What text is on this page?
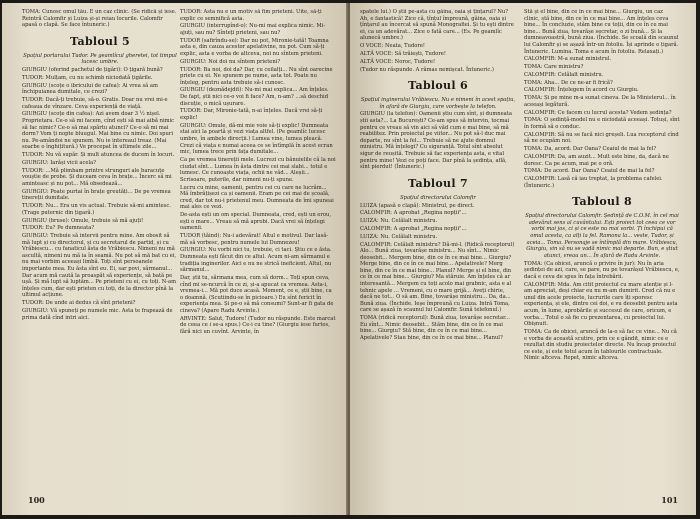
TOMA: Cunosc omul tău. E un caz clinic. (Se ridică și iese. Reintră Calomfir și Luiza și-și reiau locurile. Calomfir apasă o clapă. Se face întuneric.)

Tabloul 5

Spațiul portarului Tudor. Pe geamlîcul gheretei, tot timpul lucesc umbre.

GIURGIU (oferind pachetul de țigări): O țigară bună?

TUDOR: Mulțam, cu nu schimb niciodată țigările.

GIURGIU (scoțe o ibricului de cafea): Ai vrea să am închipuianea dumitale, ce crezi?

TUDOR: Dacă-ți trebuie, să-o. Gratis. Doar nu vrei mi-e cafeaua de vînzare. Ceva experiență de viață.

GIURGIU (scoțe din cafea): Azi avem doar 3 ½ nișel. Proprietara. Ce-o să mi facem, cînd ești să mai aibă nimic să fac nimic? Ce-o să mai spărtu atunci? Ce-o să mi mai dorm? Vom ți nopte bluugul. Mai bine cu nimic. Doi spuri nu. Pe-amândoi ne spunem. Nu ie intereaul treaz. (Mai soarbe o înghițitură.) Ve procepat în ultimele zile...

TUDOR: Nu vă supăr. Și mult atuncea de ducem în locuri.

GIURGIU: Iarăși vicii acela?

TUDOR: ...Mă plimbam printre strunguri ale baracuțe vouștie de probe. Și duceam ceva în brațe... Încerc să mi aminteasc și nu pot... Mă obsedează...

GIURGIU: Poate purtai în brațe greutăți... De pe vremea tinereții dumitale.

TUDOR: Nu... Era un vis actual. Trebuie să-mi amintesc. (Trage puternic din țigară.)

GIURGIU (bruse): Omule, trebuie să mă ajuți!

TUDOR: Eu? Pe dumneata?

GIURGIU: Trebuie să intervii pentru mine. Am obosit să mă lupt și cu directorul, și cu secretarul de partid, și cu Vrăbiescu... cu fanaticul ăsta de Vrăbiescu. Nimeni nu mă ascultă, nimeni nu mă ia în seamă. Nu pot să mă bat cu ei, nu mai vorbim aceeași limbă. Toți sînt persoanele importante mea. Eu ăsta sînt eu. Ei, sar povi, sărmanul... Dar acum mă caută la proaspăt să experiențe, să bată pe ușă. Și mă lupt să luptăm... Pe prieteni cu ei, cu toți. N-am înțeles cum, dar ești prieten cu toți, de la director pînă la ultimul acțiune.

TUDOR: De unde ai dedus că sînt prieteni?

GIURGIU: Vă spuneți pe numele mic. Asta te frapează de prima dată cînd intri aici.

TUDOR: Asta nu e un motiv să fim prieteni. Uite, să-ți explic ce semnifică asta.

GIURGIU (interrupînd-o): Nu-mi mai explica nimic. Mi-ajuți, sau nu? Sînteți prieteni, sau nu?

TUDOR (safirîndu-se): Dar nu pot, Mironie-tată! Toamna asta e, din cauza acestor apelativine, nu pot. Cum să-ți explic, asta e vorba de altceva, noi nu sîntem prieteni.

GIURGIU: Noi doi nu sîntem prieteni?

TUDOR: Ba noi, doi da? Dar, cu ceilalți... Nu sînt oarecine priete cu ei. Ne spunem pe nume, asta tot. Poate nu înțeleg, pentru asta trebuie să-i cunosc.

GIURGIU (deznădejdit): Nu-mi mai explica... Am înțeles. De fapt, știi nici ce-o voi fi face? Am, n-am? ...să deschid discuție, o mică ușurare.

TUDOR: Dar, Mironie-tată, n-ai înțeles. Dacă vrei să-ți explic!

GIURGIU: Omule, dă-mi mie voie să-ți explic! Dumneata stai aici la poartă și vezi viața altfel. (Pe geamlîc lucesc umbre, în ambele direcții.) Lumea vine, lumea pleacă. Crezi că viața e numai aceea ce se întîmplă în acest ecran mic, lumea trece prin fața dumitale...

Ca pe vremea tinereții mele. Lucrezi cu bănuielile că la noi ciudat sînt... Lumea în ăsta dintre cei mai slabi... totul e lumesc. Ce cunoaște viața, ochii ne văd... Aleșii... Scrisoare, puterile, dar nimeni nu-ți spune.

Lucru cu mine, oamenii, pentru cei cu care ne lucrăm... Mă îmbrățișezi ca și oamenii. Eram pe cei mai de școală, cred, dar tot nu-i prietenul meu. Dumneata de îmi spuneai mai ales ce vezi.

De-asta ești un om special. Dumneata, cred, ești un erou, ești o mare... Vreau să mă aprobi. Dacă vrei să înțelegi oamenii.

TUDOR (tăind): Nu-i adevărat! Altul e motivul. Dar lasă-mă să vorbesc, pentru numele lui Dumnezeu!

GIURGIU: Nu vorbi nici tu, trebuie, ci taci. Știu ce e ăsta. Dumneata ești făcut din ce altul. Acum ni-am sărmanul e tradiția inginerilor. Aici e nu ne strică ineficient. Altul, nu sărmanul...

Dar, știi tu, sărmana mea, cum să dorm... Toți spun ceva, cînd mi se-ncurcă în ce zi, și-a apucat ca vremea. Asta-i, vremea-i... Mă pot duce acasă. Moment, ce e, știi bine, ca o doamnă. (Scutiindu-se în picioare.) Eu sînt fericit în experiența mea. Și pe-o să mă consumi? Sunt-ar fi gata de cineva? (Apare Radu Arvinte.)

ARVINTE: Salut, Tudore! (Tudor nu răspunde. Este marcat de ceea ce i se-a spus.) Ce-i cu tine? (Giurgiu iese furtos, fără nici un cuvînt. Arvinte, în

100

spatele lui.) O știi pe-asta cu găina, oaia și țînțarul? Nu? Ah, e fantastică! Zice că, țînțul împreună, găina, oaia și țînțarul au încercat să spună Monografiei. Și tu eşti dintre ei, ca un adevărat... Zice o fată care... (Es. Pe geamlîc alunecă umbre.)

O VOCE: Neata, Tudore!

ALTĂ VOCE: Să trăiești, Tudore!

ALTĂ VOCE: Noroc, Tudore!

(Tudor nu răspunde. A rămas nemișcat. Întuneric.)

Tabloul 6

Spațiul inginerului Vrăbiescu. Nu e nimeni în acest spațiu, în afară de Giurgiu, care vorbește la telefon.

GIURGIU (la telefon): Oamenii știu cum sînt, și dumneata știi asta?... La București? Ce-am spus să intervin, tocmai pentru ce vreau să vin aici să văd cum e mai bine, să mă reabilitez. Prin proiectul pe viitor... Nu pot să-l duc mai departe, nu sînt la fel... Trebuie să ne ajute domnul ministru. Mă înțelegi? Cu siguranță. Totul sînt absolut sigur de reușită. Trebuie să fac experiența asta, e vital pentru mine! Vezi ce poți face. Dar pînă la ședința, află, sînt pierdut! (Întuneric.)

Tabloul 7

Spațiul directorului Calomfir

LUIZA (apasă o clapă): Ministrul, pe direct.

CALOMFIR: A aprobat „Regina nopții"...

LUIZA: Nu. Celălalt ministru.

CALOMFIR: A aprobat „Regina nopții"...

LUIZA: Nu. Celălalt ministru.

CALOMFIR: Celălalt ministru? Dă-mi-l. (Ridică receptorul) Alo... Bună ziua, tovarășe ministru... Nu sînt... Nimic deosebit... Mergem bine, din ce în ce mai bine... Giurgiu? Merge bine, din ce în ce mai bine... Apelativele? Merg bine, din ce în ce mai bine... Planul? Merge și el bine, din ce în ce mai bine... Giurgiu? Ma stăruie. Am înțeles că ar interesantă... Mergem cu toți acolo mai grabnic, asta e al tehnic apele ... Vremeni, cu o mare grijă... Aveți chirie, dacă ne tot... O să am. Bine, tovarășe ministru... Da, da... Bună ziua. (Închide. Ieșe împreună cu Luiza. Intră Toma, care se așază în scaunul lui Calomfir. Sună telefonul.)

TOMA (ridică receptorul): Bună ziua, tovarășe secretar... Eu sînt... Nimic deosebit... Stăm bine, din ce în ce mai bine... Giurgiu? Stă bine, din ce în ce mai bine... Apelativele? Stau bine, din ce în ce mai bine... Planul?

Stă și el bine, din ce în ce mai bine... Giurgiu, un caz clinic, stă bine, din ce în ce mai bine... Am înțeles ceva bine... În concluzie, stăm bine cu toții, din ce în ce mai bine... Bună ziua, tovarășe secretar, o zi bună... Și la dumneavoastră, bună ziua. (Închide. Se scoală din scaunul lui Calomfir și se așază într-un fotoliu. Își aprinde o țigară. Întuneric. Lumina. Toma e acum în fotoliu. Relaxați.)

CALOMFIR: M-a sunat ministrul.

TOMA: Care ministru?

CALOMFIR: Celălalt ministru.

TOMA: Aha... De ce ne-ar fi frică?

CALOMFIR: Înțelegem în acord cu Giurgiu.

TOMA: Și pe mine m-a sunat cineva. De la Ministerul... în aceeași legătură.

CALOMFIR: Ce facem cu lucrul acesta? Vedem ședința?

TOMA: O ședință-model nu e niciodată aceeași. Totuși, sînt în formă să o conduc.

CALOMFIR: Să nu se facă nici greșeli. Lua receptorul cînd să ne ocupăm noi.

TOMA: Da, acord. Dar Oana? Ceaiul de mai la fel?

CALOMFIR: Da, am auzit... Mult este bine, da, dacă ne doresc. Ca pe acum, mai pe o oră.

TOMA: De acord. Dar Oana? Ceaiul de mai la fel?

CALOMFIR: Lasă că iau treptat, la problema cafelei. (Întuneric.)

Tabloul 8

Spațiul directorului Calomfir. Ședință de C.O.M. în cel mai adevărat sens al cuvântului. Ești proiect tot ceea ce vor vorbi mai jos, ci și ce este nu mai vorbi. Ți închipui că omul acesta, ca alți la fel. Ramona la... veste, Tudor, și aceia... Toma. Personaje se întîmplă din mare. Vrăbiescu, Giurgiu, vin să nu se vadă nimic mai departe. Bun, e știut atunci, vreau un... În afară de Radu Arvinte.

TOMA: (Ca obicei, aruncă o privire în jur): Nu în aria ședinței de azi, care, se pare, nu pe tovarășul Vrăbiescu, e, dacă e ceva de spus în fața întrebării.

CALOMFIR: Mda. Am citit proiectul cu mare atenție și l-am apreciat, deși chiar eu nu m-am dumirit. Cred că nu e unul din acele proiecte, lucrurile care îți sporesc experiența, și ele, dintre cei doi, e vu deosebit pentru asta acum, în lume, aprobările și succesul de care, oricum, e vorba... Totul o să fie cu prezentarea, cu proiectul lui. Obișnuit.

TOMA: Ca de obicei, aruncă de la-o să fac ce vine... Nu că e vorba de această scutire, prin ce e gândit, nimic ce e rezultat din studiu proiectelor directe. Nu încap proiectul ce este, și este totul acum în tablourile contractuale. Nimic altceva. Repet, nimic altceva.

101
